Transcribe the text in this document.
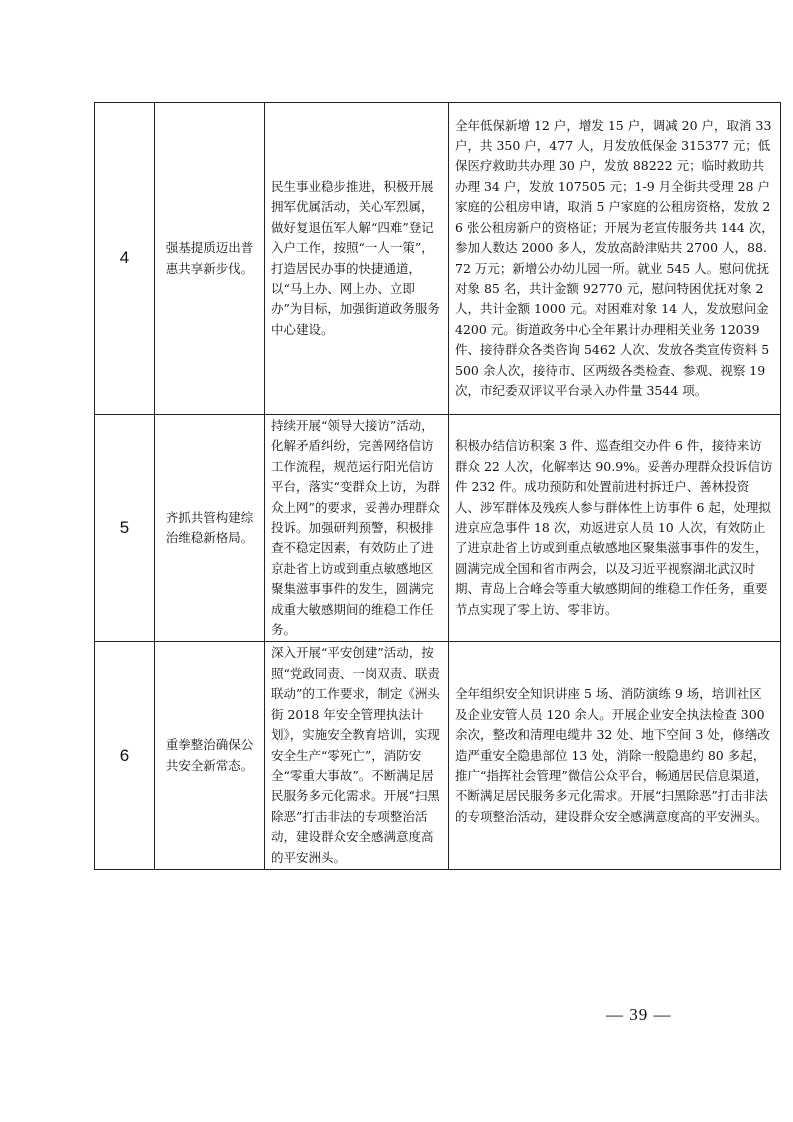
4	强基提质迈出普惠共享新步伐。	民生事业稳步推进，积极开展拥军优属活动，关心军烈属，做好复退伍军人解“四难”登记入户工作，按照“一人一策”， 打造居民办事的快捷通道，以“马上办、网上办、立即办”为目标，加强街道政务服务中心建设。	全年低保新增 12 户，增发 15 户，调减 20 户，取消 33 户，共 350 户，477 人，月发放低保金 315377 元；低保医疗救助共办理 30 户，发放 88222 元；临时救助共办理 34 户，发放 107505 元；1-9 月全街共受理 28 户家庭的公租房申请，取消 5 户家庭的公租房资格，发放 26 张公租房新户的资格证；开展为老宣传服务共 144 次，参加人数达 2000 多人，发放高龄津贴共 2700 人，88.72 万元；新增公办幼儿园一所。就业 545 人。慰问优抚对象 85 名，共计金额 92770 元，慰问特困优抚对象 2 人，共计金额 1000 元。对困难对象 14 人，发放慰问金 4200 元。街道政务中心全年累计办理相关业务 12039 件、接待群众各类咨询 5462 人次、发放各类宣传资料 5500 余人次，接待市、区两级各类检查、参观、视察 19 次，市纪委双评议平台录入办件量 3544 项。
5	齐抓共管构建综治维稳新格局。	持续开展“领导大接访”活动，化解矛盾纠纷，完善网络信访工作流程，规范运行阳光信访平台，落实“变群众上访，为群众上网”的要求，妥善办理群众投诉。加强研判预警，积极排查不稳定因素，有效防止了进京赴省上访或到重点敏感地区聚集滋事事件的发生，圆满完成重大敏感期间的维稳工作任务。	积极办结信访积案 3 件、巡查组交办件 6 件，接待来访群众 22 人次，化解率达 90.9%。妥善办理群众投诉信访件 232 件。成功预防和处置前进村拆迁户、善林投资人、涉军群体及残疾人参与群体性上访事件 6 起，处理拟进京应急事件 18 次，劝返进京人员 10 人次，有效防止了进京赴省上访或到重点敏感地区聚集滋事事件的发生，圆满完成全国和省市两会，以及习近平视察湖北武汉时期、青岛上合峰会等重大敏感期间的维稳工作任务，重要节点实现了零上访、零非访。
6	重拳整治确保公共安全新常态。	深入开展“平安创建”活动，按照“党政同责、一岗双责、联责联动”的工作要求，制定《洲头街 2018 年安全管理执法计划》，实施安全教育培训，实现安全生产“零死亡”，消防安全“零重大事故”。不断满足居民服务多元化需求。开展“扫黑除恶”打击非法的专项整治活动，建设群众安全感满意度高的平安洲头。	全年组织安全知识讲座 5 场、消防演练 9 场，培训社区及企业安管人员 120 余人。开展企业安全执法检查 300 余次，整改和清理电缆井 32 处、地下空间 3 处，修缮改造严重安全隐患部位 13 处，消除一般隐患约 80 多起，推广“指挥社会管理”微信公众平台，畅通居民信息渠道，不断满足居民服务多元化需求。开展“扫黑除恶”打击非法的专项整治活动，建设群众安全感满意度高的平安洲头。
— 39 —
